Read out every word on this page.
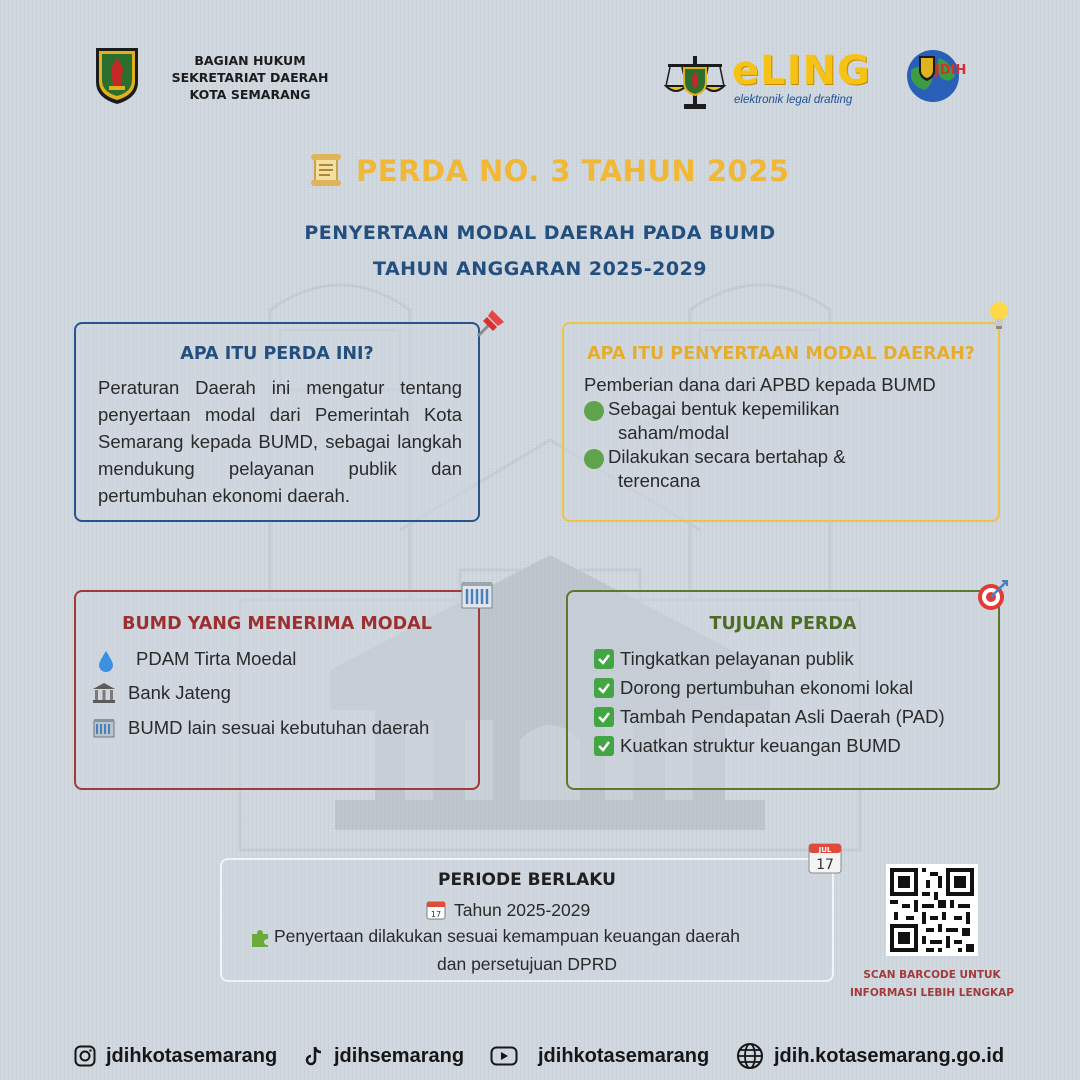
BAGIAN HUKUM
SEKRETARIAT DAERAH
KOTA SEMARANG
eLING
elektronik legal drafting
JDIH
PERDA NO. 3 TAHUN 2025
PENYERTAAN MODAL DAERAH PADA BUMD
TAHUN ANGGARAN 2025-2029
APA ITU PERDA INI?
Peraturan Daerah ini mengatur tentang penyertaan modal dari Pemerintah Kota Semarang kepada BUMD, sebagai langkah mendukung pelayanan publik dan pertumbuhan ekonomi daerah.
APA ITU PENYERTAAN MODAL DAERAH?
Pemberian dana dari APBD kepada BUMD
Sebagai bentuk kepemilikan
saham/modal
Dilakukan secara bertahap &
terencana
BUMD YANG MENERIMA MODAL
PDAM Tirta Moedal
Bank Jateng
BUMD lain sesuai kebutuhan daerah
TUJUAN PERDA
Tingkatkan pelayanan publik
Dorong pertumbuhan ekonomi lokal
Tambah Pendapatan Asli Daerah (PAD)
Kuatkan struktur keuangan BUMD
PERIODE BERLAKU
17 Tahun 2025-2029
Penyertaan dilakukan sesuai kemampuan keuangan daerah
dan persetujuan DPRD
JUL
17
SCAN BARCODE UNTUK
INFORMASI LEBIH LENGKAP
jdihkotasemarang	jdihsemarang	jdihkotasemarang	jdih.kotasemarang.go.id
